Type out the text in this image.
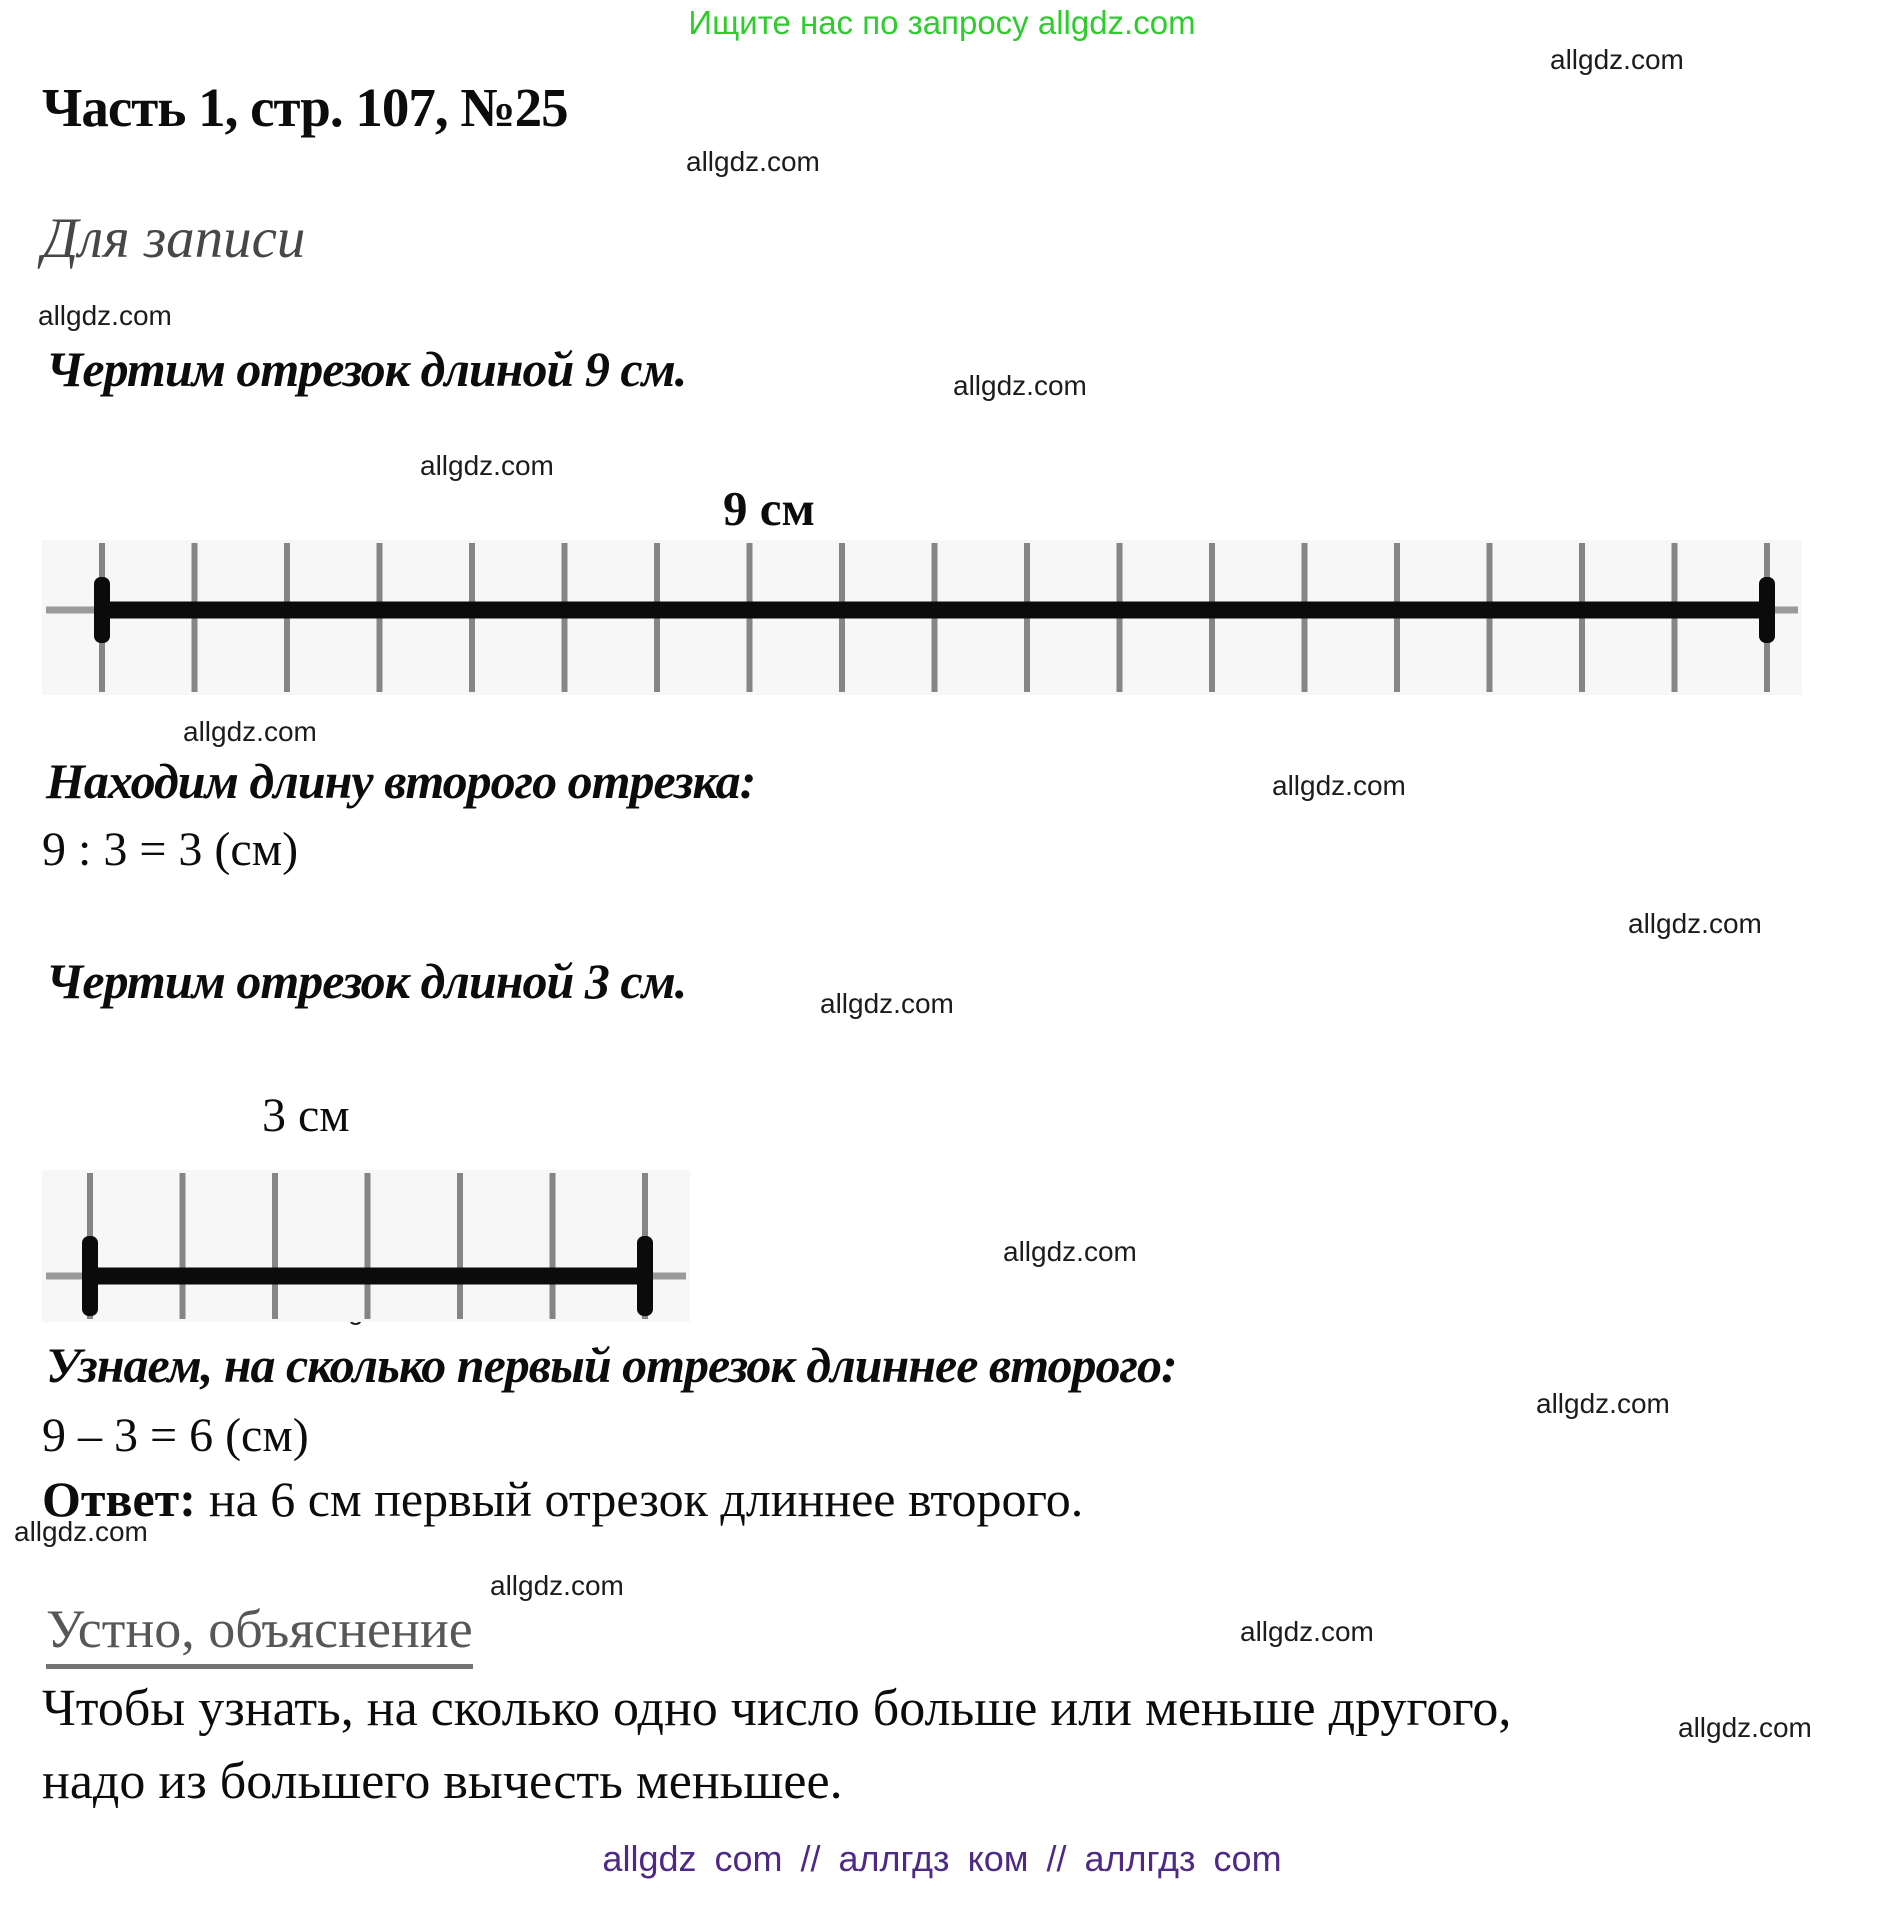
Ищите нас по запросу allgdz.com
allgdz.com
allgdz.com
allgdz.com
allgdz.com
allgdz.com
allgdz.com
allgdz.com
allgdz.com
allgdz.com
allgdz.com
allgdz.com
allgdz.com
allgdz.com
allgdz.com
allgdz.com
allgdz.com
Часть 1, стр. 107, №25
Для записи
Чертим отрезок длиной 9 см.
9 см
Находим длину второго отрезка:
9 : 3 = 3 (см)
Чертим отрезок длиной 3 см.
3 см
Узнаем, на сколько первый отрезок длиннее второго:
9 – 3 = 6 (см)
Ответ: на 6 см первый отрезок длиннее второго.
Устно, объяснение
Чтобы узнать, на сколько одно число больше или меньше другого,
надо из большего вычесть меньшее.
allgdz com // аллгдз ком // аллгдз com
